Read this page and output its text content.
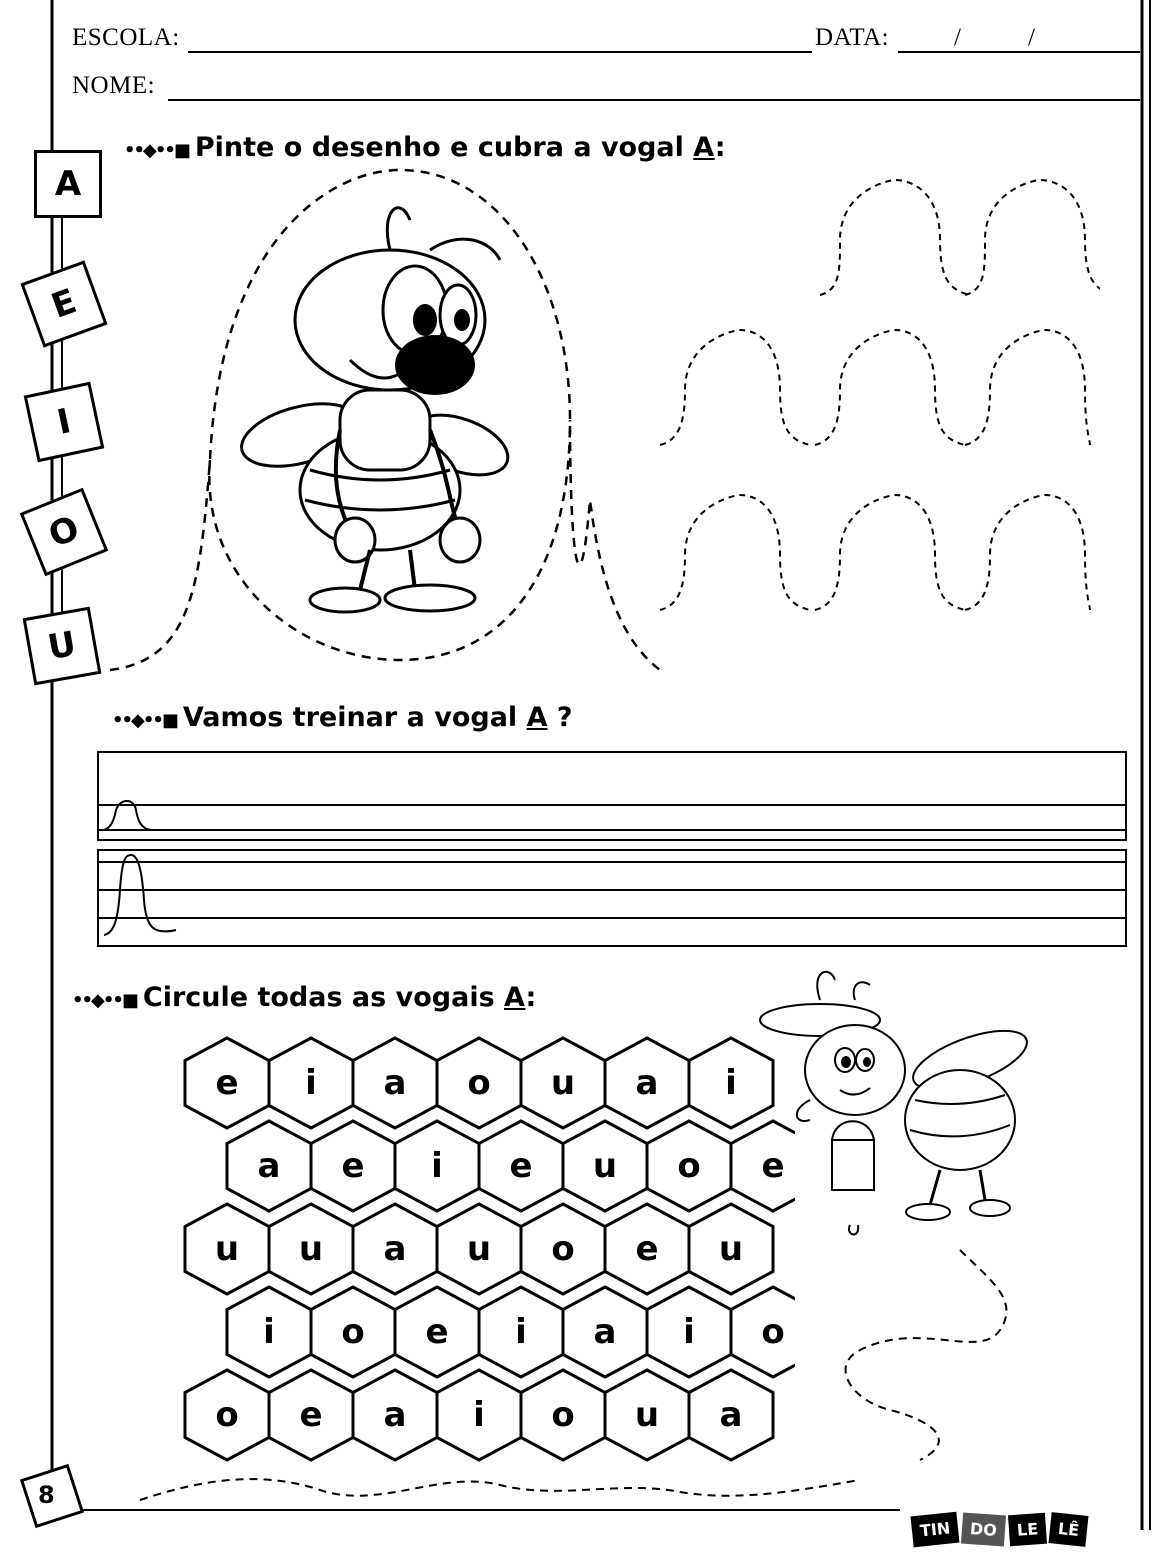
ESCOLA:	DATA:	/	/
NOME:
A
E
I
O
U
••◆••■ Pinte o desenho e cubra a vogal A:
••◆••■ Vamos treinar a vogal A ?
••◆••■ Circule todas as vogais A:
e i a o u a i
a e i e u o e
u u a u o e u
i o e i a i o
o e a i o u a
8
TIN	DO	LE	LÊ
